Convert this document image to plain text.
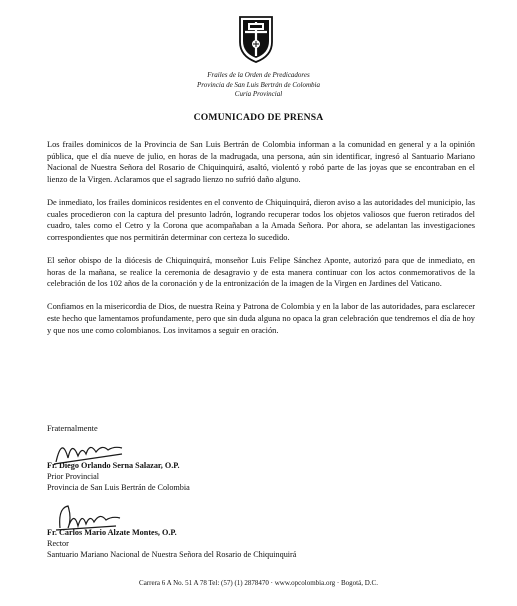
Frailes de la Orden de Predicadores
Provincia de San Luis Bertrán de Colombia
Curia Provincial
COMUNICADO DE PRENSA

Los frailes dominicos de la Provincia de San Luis Bertrán de Colombia informan a la comunidad en general y a la opinión pública, que el día nueve de julio, en horas de la madrugada, una persona, aún sin identificar, ingresó al Santuario Mariano Nacional de Nuestra Señora del Rosario de Chiquinquirá, asaltó, violentó y robó parte de las joyas que se encontraban en el lienzo de la Virgen. Aclaramos que el sagrado lienzo no sufrió daño alguno.

De inmediato, los frailes dominicos residentes en el convento de Chiquinquirá, dieron aviso a las autoridades del municipio, las cuales procedieron con la captura del presunto ladrón, logrando recuperar todos los objetos valiosos que fueron retirados del cuadro, tales como el Cetro y la Corona que acompañaban a la Amada Señora. Por ahora, se adelantan las investigaciones correspondientes que nos permitirán determinar con certeza lo sucedido.

El señor obispo de la diócesis de Chiquinquirá, monseñor Luis Felipe Sánchez Aponte, autorizó para que de inmediato, en horas de la mañana, se realice la ceremonia de desagravio y de esta manera continuar con los actos conmemorativos de la celebración de los 102 años de la coronación y de la entronización de la imagen de la Virgen en Jardines del Vaticano.

Confiamos en la misericordia de Dios, de nuestra Reina y Patrona de Colombia y en la labor de las autoridades, para esclarecer este hecho que lamentamos profundamente, pero que sin duda alguna no opaca la gran celebración que tendremos el día de hoy y que nos une como colombianos. Los invitamos a seguir en oración.

Fraternalmente
Fr. Diego Orlando Serna Salazar, O.P.
Prior Provincial
Provincia de San Luis Bertrán de Colombia
Fr. Carlos Mario Alzate Montes, O.P.
Rector
Santuario Mariano Nacional de Nuestra Señora del Rosario de Chiquinquirá
Carrera 6 A No. 51 A 78 Tel: (57) (1) 2878470 · www.opcolombia.org · Bogotá, D.C.
